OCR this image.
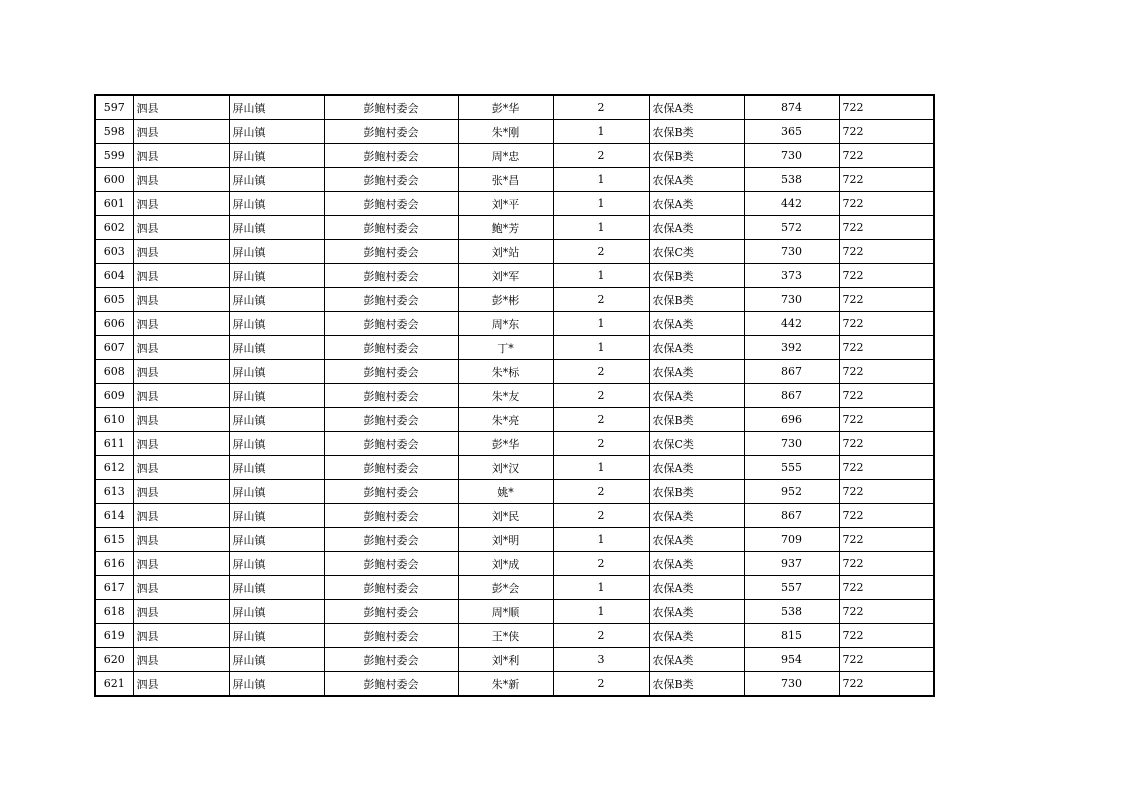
597	泗县	屏山镇	彭鲍村委会	彭*华	2	农保A类	874	722
598	泗县	屏山镇	彭鲍村委会	朱*刚	1	农保B类	365	722
599	泗县	屏山镇	彭鲍村委会	周*忠	2	农保B类	730	722
600	泗县	屏山镇	彭鲍村委会	张*昌	1	农保A类	538	722
601	泗县	屏山镇	彭鲍村委会	刘*平	1	农保A类	442	722
602	泗县	屏山镇	彭鲍村委会	鲍*芳	1	农保A类	572	722
603	泗县	屏山镇	彭鲍村委会	刘*站	2	农保C类	730	722
604	泗县	屏山镇	彭鲍村委会	刘*军	1	农保B类	373	722
605	泗县	屏山镇	彭鲍村委会	彭*彬	2	农保B类	730	722
606	泗县	屏山镇	彭鲍村委会	周*东	1	农保A类	442	722
607	泗县	屏山镇	彭鲍村委会	丁*	1	农保A类	392	722
608	泗县	屏山镇	彭鲍村委会	朱*标	2	农保A类	867	722
609	泗县	屏山镇	彭鲍村委会	朱*友	2	农保A类	867	722
610	泗县	屏山镇	彭鲍村委会	朱*亮	2	农保B类	696	722
611	泗县	屏山镇	彭鲍村委会	彭*华	2	农保C类	730	722
612	泗县	屏山镇	彭鲍村委会	刘*汉	1	农保A类	555	722
613	泗县	屏山镇	彭鲍村委会	姚*	2	农保B类	952	722
614	泗县	屏山镇	彭鲍村委会	刘*民	2	农保A类	867	722
615	泗县	屏山镇	彭鲍村委会	刘*明	1	农保A类	709	722
616	泗县	屏山镇	彭鲍村委会	刘*成	2	农保A类	937	722
617	泗县	屏山镇	彭鲍村委会	彭*会	1	农保A类	557	722
618	泗县	屏山镇	彭鲍村委会	周*顺	1	农保A类	538	722
619	泗县	屏山镇	彭鲍村委会	王*侠	2	农保A类	815	722
620	泗县	屏山镇	彭鲍村委会	刘*利	3	农保A类	954	722
621	泗县	屏山镇	彭鲍村委会	朱*新	2	农保B类	730	722
